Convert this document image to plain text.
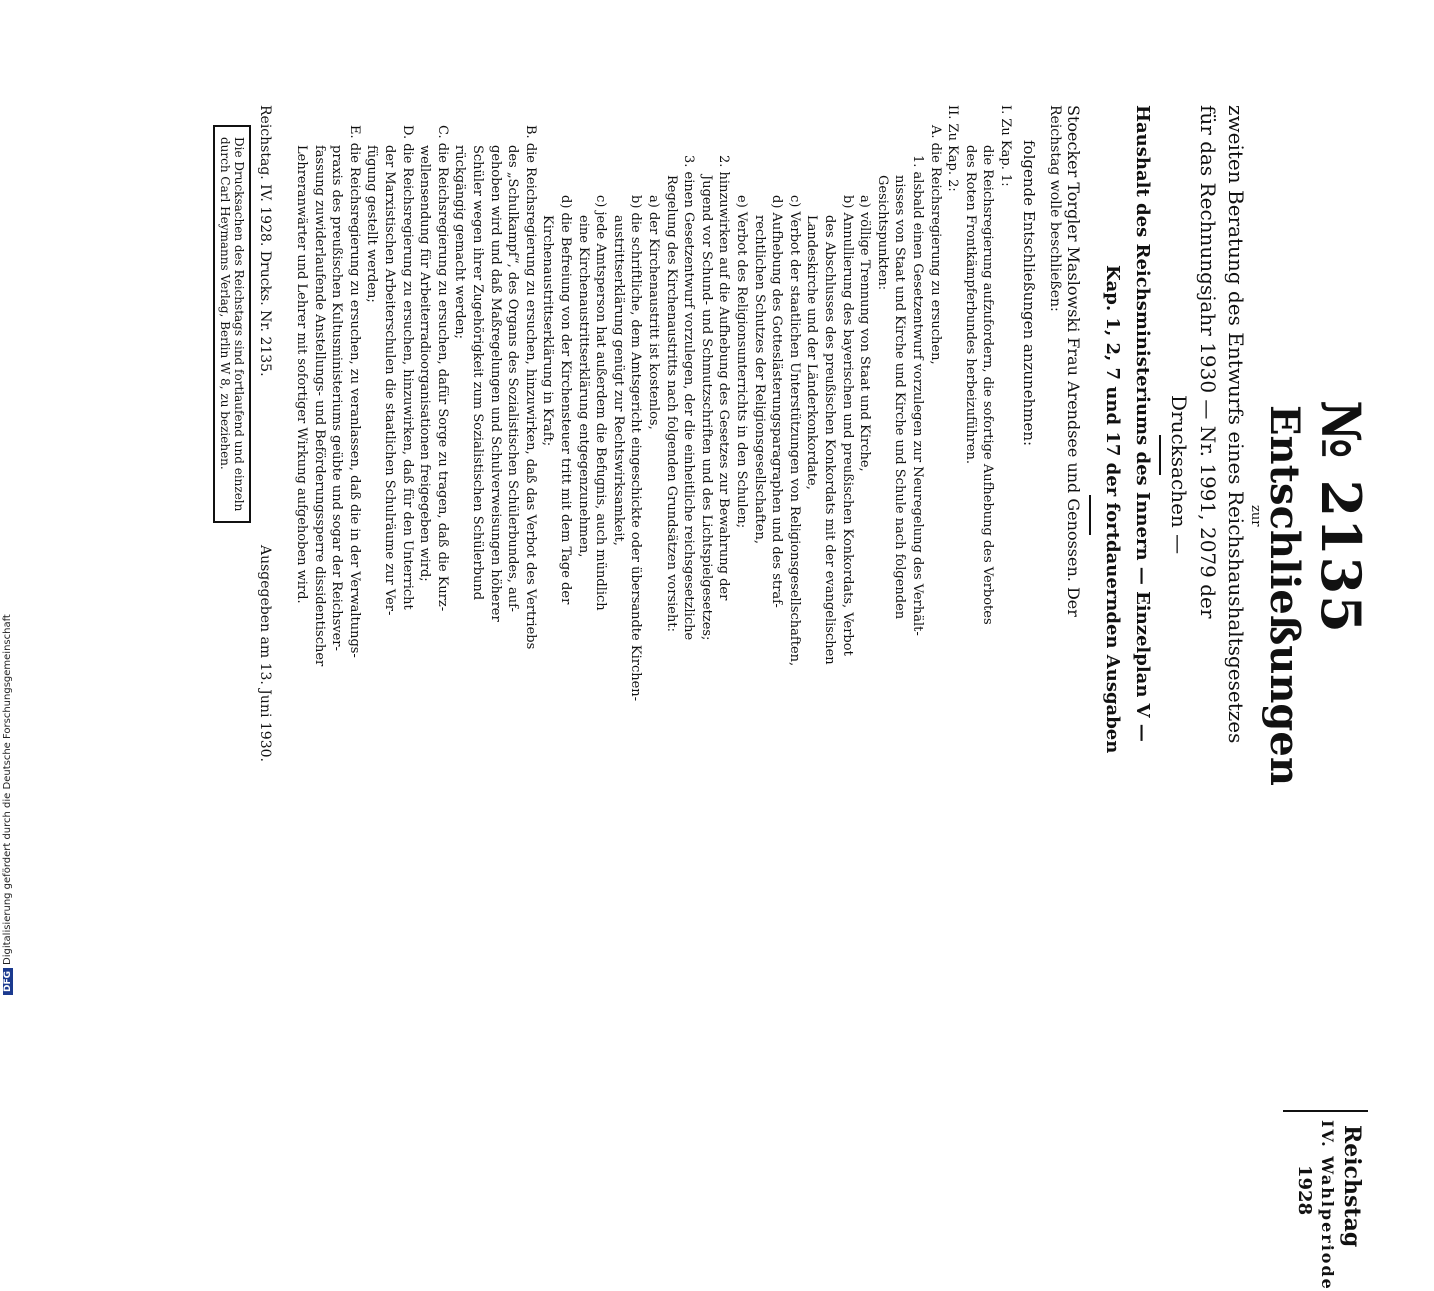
№ 2135
Reichstag
IV. Wahlperiode
1928
Entschließungen
zur
zweiten Beratung des Entwurfs eines Reichshaushaltsgesetzes
für das Rechnungsjahr 1930 — Nr. 1991, 2079 der
Drucksachen —
Haushalt des Reichsministeriums des Innern — Einzelplan V —
Kap. 1, 2, 7 und 17 der fortdauernden Ausgaben
Stoecker Torgler Maslowski Frau Arendsee und Genossen. Der
Reichstag wolle beschließen:
folgende Entschließungen anzunehmen:
I. Zu Kap. 1:
die Reichsregierung aufzufordern, die sofortige Aufhebung des Verbotes
des Roten Frontkämpferbundes herbeizuführen.
II. Zu Kap. 2:
A. die Reichsregierung zu ersuchen,
1. alsbald einen Gesetzentwurf vorzulegen zur Neuregelung des Verhält-
nisses von Staat und Kirche und Kirche und Schule nach folgenden
Gesichtspunkten:
a) völlige Trennung von Staat und Kirche,
b) Annullierung des bayerischen und preußischen Konkordats, Verbot
des Abschlusses des preußischen Konkordats mit der evangelischen
Landeskirche und der Länderkonkordate,
c) Verbot der staatlichen Unterstützungen von Religionsgesellschaften,
d) Aufhebung des Gotteslästerungsparagraphen und des straf-
rechtlichen Schutzes der Religionsgesellschaften,
e) Verbot des Religionsunterrichts in den Schulen;
2. hinzuwirken auf die Aufhebung des Gesetzes zur Bewahrung der
Jugend vor Schund- und Schmutzschriften und des Lichtspielgesetzes;
3. einen Gesetzentwurf vorzulegen, der die einheitliche reichsgesetzliche
Regelung des Kirchenaustritts nach folgenden Grundsätzen vorsieht:
a) der Kirchenaustritt ist kostenlos,
b) die schriftliche, dem Amtsgericht eingeschickte oder übersandte Kirchen-
austrittserklärung genügt zur Rechtswirksamkeit,
c) jede Amtsperson hat außerdem die Befugnis, auch mündlich
eine Kirchenaustrittserklärung entgegenzunehmen,
d) die Befreiung von der Kirchensteuer tritt mit dem Tage der
Kirchenaustrittserklärung in Kraft;
B. die Reichsregierung zu ersuchen, hinzuwirken, daß das Verbot des Vertriebs
des „Schulkampf“, des Organs des Sozialistischen Schülerbundes, auf-
gehoben wird und daß Maßregelungen und Schulverweisungen höherer
Schüler wegen ihrer Zugehörigkeit zum Sozialistischen Schülerbund
rückgängig gemacht werden;
C. die Reichsregierung zu ersuchen, dafür Sorge zu tragen, daß die Kurz-
wellensendung für Arbeiterradioorganisationen freigegeben wird;
D. die Reichsregierung zu ersuchen, hinzuwirken, daß für den Unterricht
der Marxistischen Arbeiterschulen die staatlichen Schulräume zur Ver-
fügung gestellt werden;
E. die Reichsregierung zu ersuchen, zu veranlassen, daß die in der Verwaltungs-
praxis des preußischen Kultusministeriums geübte und sogar der Reichsver-
fassung zuwiderlaufende Anstellungs- und Beförderungssperre dissidentischer
Lehreranwärter und Lehrer mit sofortiger Wirkung aufgehoben wird.
Reichstag. IV. 1928. Drucks. Nr. 2135.
Ausgegeben am 13. Juni 1930.
Die Drucksachen des Reichstags sind fortlaufend und einzeln
durch Carl Heymanns Verlag, Berlin W 8, zu beziehen.
DFGDigitalisierung gefördert durch die Deutsche Forschungsgemeinschaft
